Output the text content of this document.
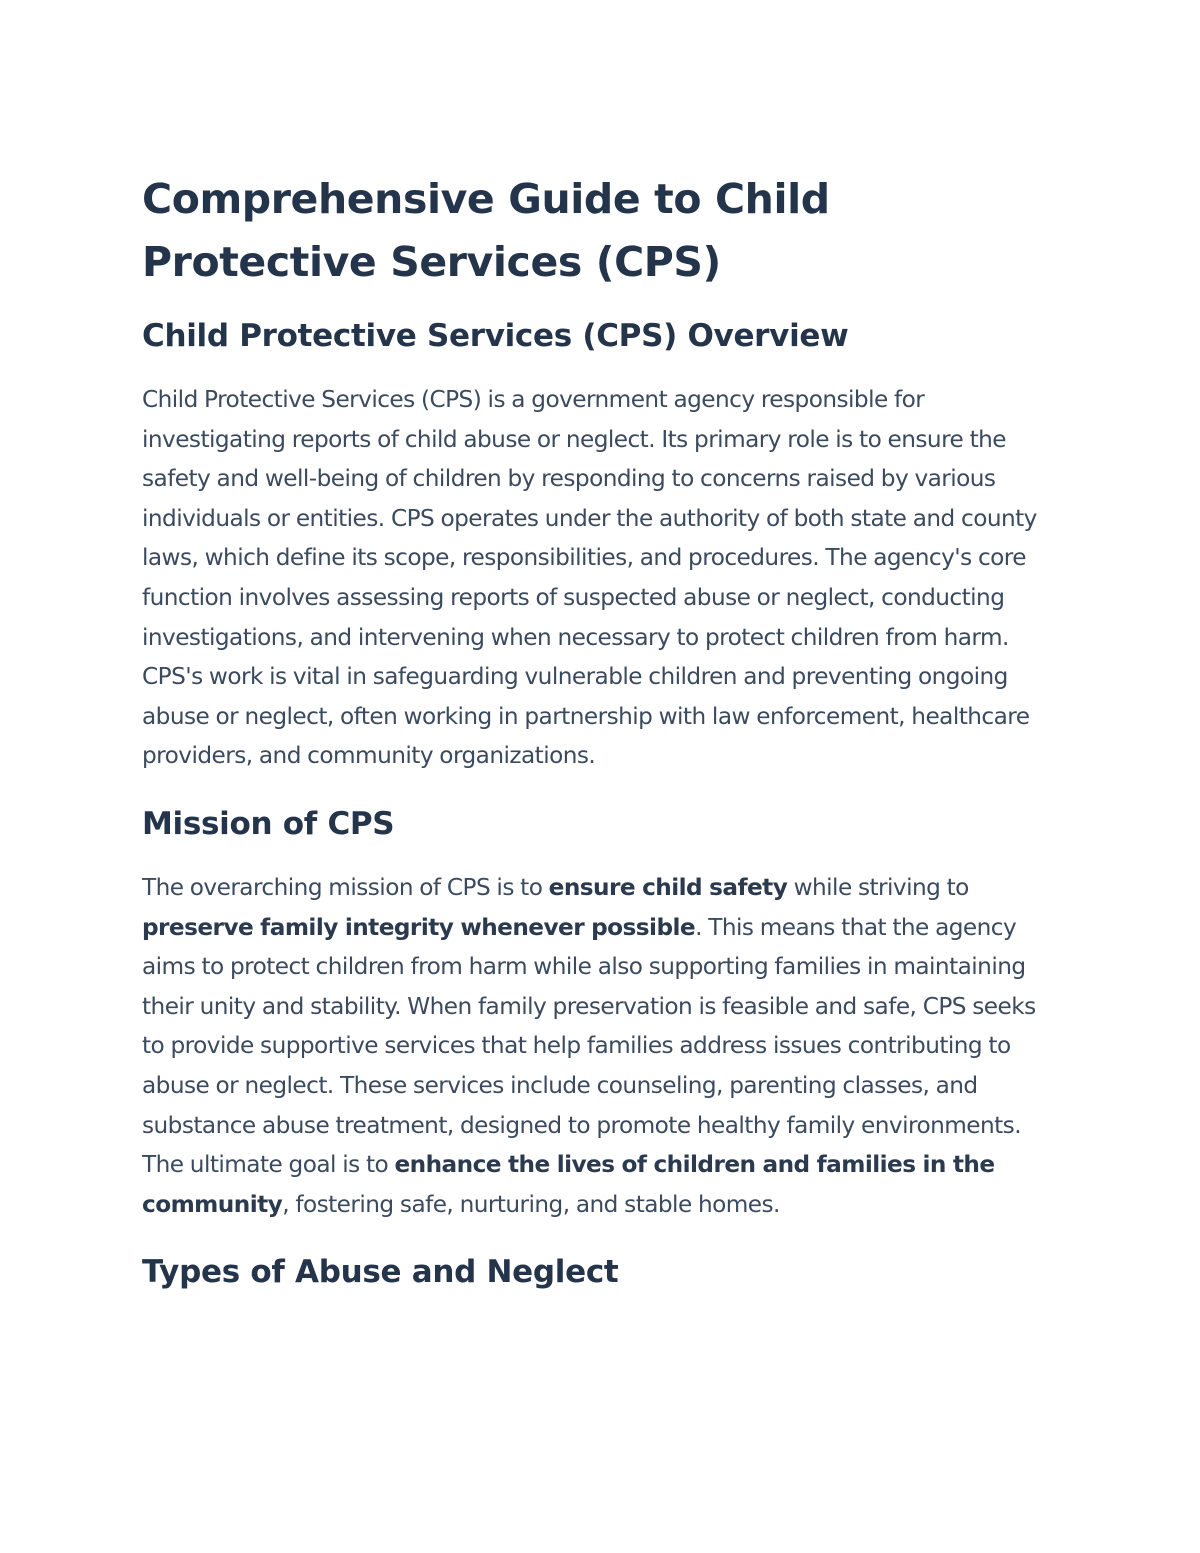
Comprehensive Guide to Child
Protective Services (CPS)
Child Protective Services (CPS) Overview

Child Protective Services (CPS) is a government agency responsible for investigating reports of child abuse or neglect. Its primary role is to ensure the safety and well-being of children by responding to concerns raised by various individuals or entities. CPS operates under the authority of both state and county laws, which define its scope, responsibilities, and procedures. The agency's core function involves assessing reports of suspected abuse or neglect, conducting investigations, and intervening when necessary to protect children from harm. CPS's work is vital in safeguarding vulnerable children and preventing ongoing abuse or neglect, often working in partnership with law enforcement, healthcare providers, and community organizations.

Mission of CPS

The overarching mission of CPS is to ensure child safety while striving to preserve family integrity whenever possible. This means that the agency aims to protect children from harm while also supporting families in maintaining their unity and stability. When family preservation is feasible and safe, CPS seeks to provide supportive services that help families address issues contributing to abuse or neglect. These services include counseling, parenting classes, and substance abuse treatment, designed to promote healthy family environments. The ultimate goal is to enhance the lives of children and families in the community, fostering safe, nurturing, and stable homes.

Types of Abuse and Neglect
